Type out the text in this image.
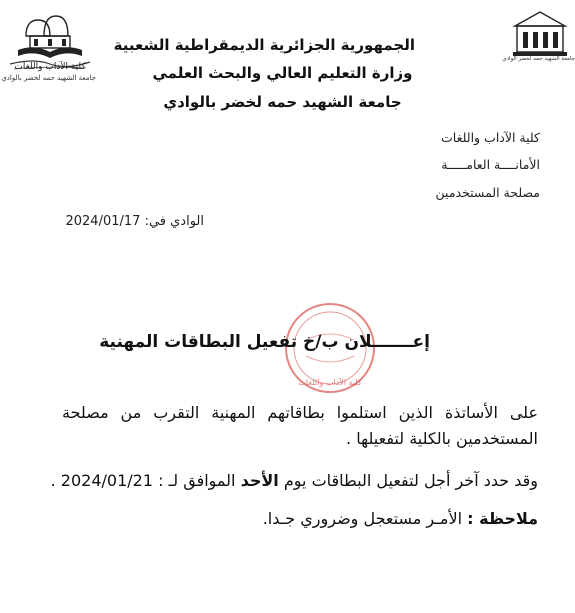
كلية الآداب واللغات
جامعة الشهيد حمه لخضر بالوادي
جامعة الشهيد حمه لخضر الوادي
الجمهورية الجزائرية الديمقراطية الشعبية
وزارة التعليم العالي والبحث العلمي
جامعة الشهيد حمه لخضر بالوادي
كلية الآداب واللغات
الأمانــــة العامـــــة
مصلحة المستخدمين
الوادي في: 2024/01/17
كلية الآداب واللغات
إعـــــــلان ب/خ تفعيل البطاقات المهنية
على الأساتذة الذين استلموا بطاقاتهم المهنية التقرب من مصلحة المستخدمين بالكلية لتفعيلها .
وقد حدد آخر أجل لتفعيل البطاقات يوم الأحد الموافق لـ : 2024/01/21 .
ملاحظة : الأمـر مستعجل وضروري جـدا.
